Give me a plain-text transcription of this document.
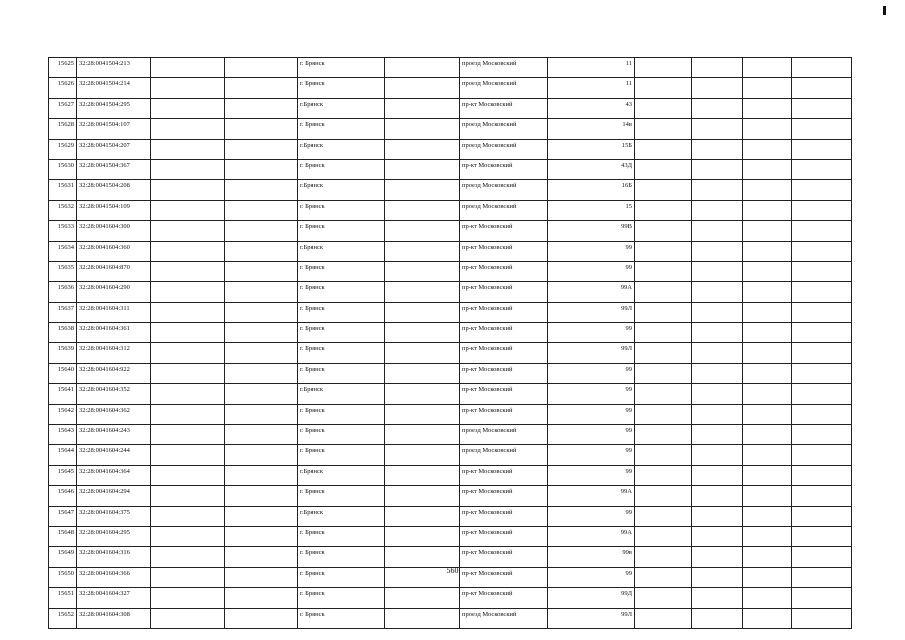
15625	32:28:0041504:213			г. Брянск		проезд Московский	11				
15626	32:28:0041504:214			г. Брянск		проезд Московский	11				
15627	32:28:0041504:295			г.Брянск		пр-кт Московский	43				
15628	32:28:0041504:107			г. Брянск		проезд Московский	14в				
15629	32:28:0041504:207			г.Брянск		проезд Московский	15Б				
15630	32:28:0041504:367			г. Брянск		пр-кт Московский	43Д				
15631	32:28:0041504:208			г.Брянск		проезд Московский	16Б				
15632	32:28:0041504:109			г. Брянск		проезд Московский	15				
15633	32:28:0041604:300			г. Брянск		пр-кт Московский	99В				
15634	32:28:0041604:360			г.Брянск		пр-кт Московский	99				
15635	32:28:0041604:870			г. Брянск		пр-кт Московский	99				
15636	32:28:0041604:290			г. Брянск		пр-кт Московский	99А				
15637	32:28:0041604:311			г. Брянск		пр-кт Московский	99Л				
15638	32:28:0041604:361			г. Брянск		пр-кт Московский	99				
15639	32:28:0041604:312			г. Брянск		пр-кт Московский	99Л				
15640	32:28:0041604:922			г. Брянск		пр-кт Московский	99				
15641	32:28:0041604:352			г.Брянск		пр-кт Московский	99				
15642	32:28:0041604:362			г. Брянск		пр-кт Московский	99				
15643	32:28:0041604:243			г. Брянск		проезд Московский	99				
15644	32:28:0041604:244			г. Брянск		проезд Московский	99				
15645	32:28:0041604:364			г.Брянск		пр-кт Московский	99				
15646	32:28:0041604:294			г. Брянск		пр-кт Московский	99А				
15647	32:28:0041604:375			г.Брянск		пр-кт Московский	99				
15648	32:28:0041604:295			г. Брянск		пр-кт Московский	99А				
15649	32:28:0041604:316			г. Брянск		пр-кт Московский	99в				
15650	32:28:0041604:366			г. Брянск		пр-кт Московский	99				
15651	32:28:0041604:327			г. Брянск		пр-кт Московский	99Д				
15652	32:28:0041604:308			г. Брянск		проезд Московский	99Л				
560
